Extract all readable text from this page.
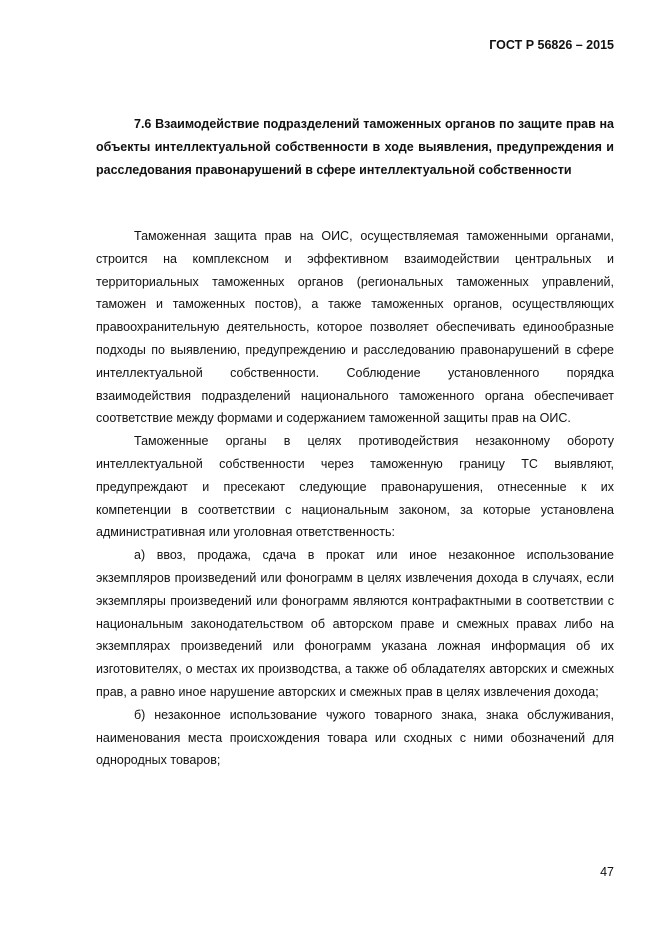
ГОСТ Р 56826 – 2015
7.6 Взаимодействие подразделений таможенных органов по защите прав на объекты интеллектуальной собственности в ходе выявления, предупреждения и расследования правонарушений в сфере интеллектуальной собственности

Таможенная защита прав на ОИС, осуществляемая таможенными органами, строится на комплексном и эффективном взаимодействии центральных и территориальных таможенных органов (региональных таможенных управлений, таможен и таможенных постов), а также таможенных органов, осуществляющих правоохранительную деятельность, которое позволяет обеспечивать единообразные подходы по выявлению, предупреждению и расследованию правонарушений в сфере интеллектуальной собственности. Соблюдение установленного порядка взаимодействия подразделений национального таможенного органа обеспечивает соответствие между формами и содержанием таможенной защиты прав на ОИС.

Таможенные органы в целях противодействия незаконному обороту интеллектуальной собственности через таможенную границу ТС выявляют, предупреждают и пресекают следующие правонарушения, отнесенные к их компетенции в соответствии с национальным законом, за которые установлена административная или уголовная ответственность:

а) ввоз, продажа, сдача в прокат или иное незаконное использование экземпляров произведений или фонограмм в целях извлечения дохода в случаях, если экземпляры произведений или фонограмм являются контрафактными в соответствии с национальным законодательством об авторском праве и смежных правах либо на экземплярах произведений или фонограмм указана ложная информация об их изготовителях, о местах их производства, а также об обладателях авторских и смежных прав, а равно иное нарушение авторских и смежных прав в целях извлечения дохода;

б) незаконное использование чужого товарного знака, знака обслуживания, наименования места происхождения товара или сходных с ними обозначений для однородных товаров;

47
